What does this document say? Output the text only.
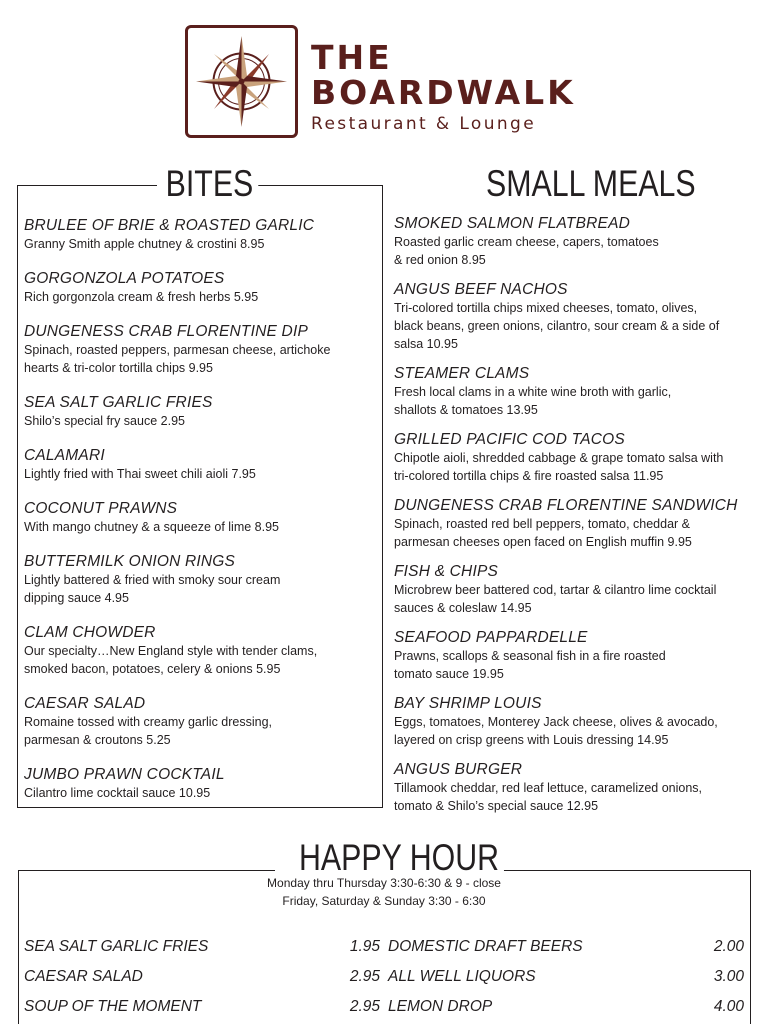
THE
BOARDWALK
Restaurant & Lounge
BITES
BRULEE OF BRIE & ROASTED GARLIC
Granny Smith apple chutney & crostini 8.95
GORGONZOLA POTATOES
Rich gorgonzola cream & fresh herbs 5.95
DUNGENESS CRAB FLORENTINE DIP
Spinach, roasted peppers, parmesan cheese, artichoke
hearts & tri-color tortilla chips 9.95
SEA SALT GARLIC FRIES
Shilo’s special fry sauce 2.95
CALAMARI
Lightly fried with Thai sweet chili aioli 7.95
COCONUT PRAWNS
With mango chutney & a squeeze of lime 8.95
BUTTERMILK ONION RINGS
Lightly battered & fried with smoky sour cream
dipping sauce 4.95
CLAM CHOWDER
Our specialty…New England style with tender clams,
smoked bacon, potatoes, celery & onions 5.95
CAESAR SALAD
Romaine tossed with creamy garlic dressing,
parmesan & croutons 5.25
JUMBO PRAWN COCKTAIL
Cilantro lime cocktail sauce 10.95
SMALL MEALS
SMOKED SALMON FLATBREAD
Roasted garlic cream cheese, capers, tomatoes
& red onion 8.95
ANGUS BEEF NACHOS
Tri-colored tortilla chips mixed cheeses, tomato, olives,
black beans, green onions, cilantro, sour cream & a side of
salsa 10.95
STEAMER CLAMS
Fresh local clams in a white wine broth with garlic,
shallots & tomatoes 13.95
GRILLED PACIFIC COD TACOS
Chipotle aioli, shredded cabbage & grape tomato salsa with
tri-colored tortilla chips & fire roasted salsa 11.95
DUNGENESS CRAB FLORENTINE SANDWICH
Spinach, roasted red bell peppers, tomato, cheddar &
parmesan cheeses open faced on English muffin 9.95
FISH & CHIPS
Microbrew beer battered cod, tartar & cilantro lime cocktail
sauces & coleslaw 14.95
SEAFOOD PAPPARDELLE
Prawns, scallops & seasonal fish in a fire roasted
tomato sauce 19.95
BAY SHRIMP LOUIS
Eggs, tomatoes, Monterey Jack cheese, olives & avocado,
layered on crisp greens with Louis dressing 14.95
ANGUS BURGER
Tillamook cheddar, red leaf lettuce, caramelized onions,
tomato & Shilo’s special sauce 12.95
HAPPY HOUR
Monday thru Thursday 3:30-6:30 & 9 - close
Friday, Saturday & Sunday 3:30 - 6:30
SEA SALT GARLIC FRIES	1.95
CAESAR SALAD	2.95
SOUP OF THE MOMENT	2.95
DOMESTIC DRAFT BEERS	2.00
ALL WELL LIQUORS	3.00
LEMON DROP	4.00
